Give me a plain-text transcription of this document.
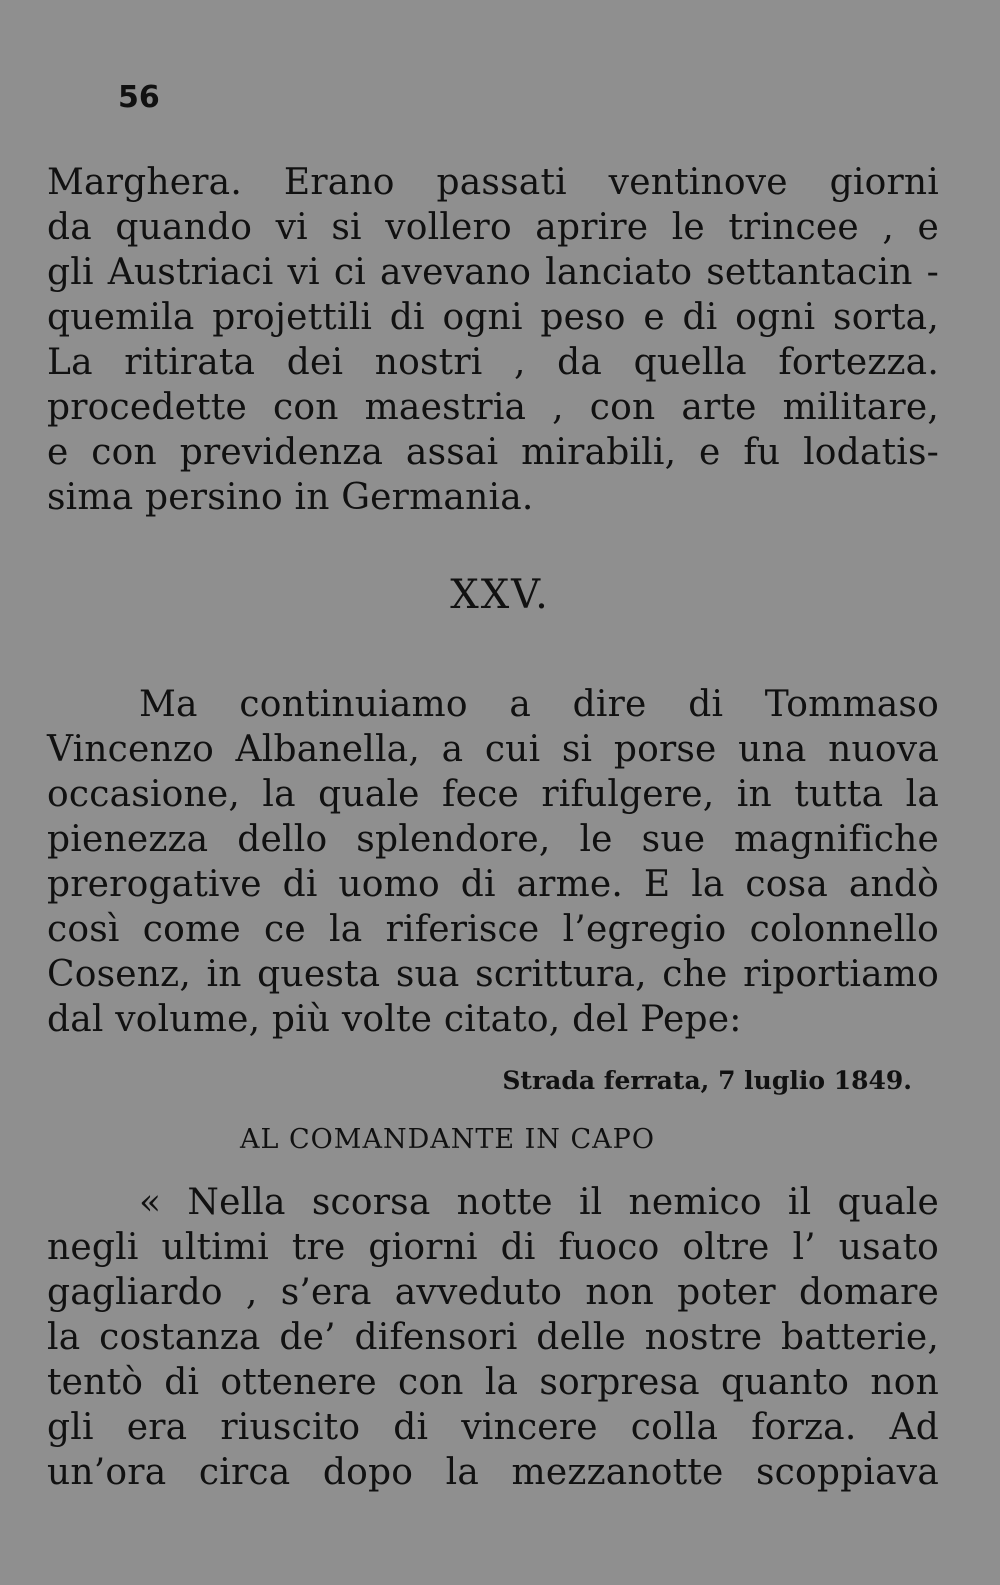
56
Marghera. Erano passati ventinove giorni
da quando vi si vollero aprire le trincee , e
gli Austriaci vi ci avevano lanciato settantacin -
quemila projettili di ogni peso e di ogni sorta,
La ritirata dei nostri , da quella fortezza.
procedette con maestria , con arte militare,
e con previdenza assai mirabili, e fu lodatis-
sima persino in Germania.
XXV.
Ma continuiamo a dire di Tommaso
Vincenzo Albanella, a cui si porse una nuova
occasione, la quale fece rifulgere, in tutta la
pienezza dello splendore, le sue magnifiche
prerogative di uomo di arme. E la cosa andò
così come ce la riferisce l’egregio colonnello
Cosenz, in questa sua scrittura, che riportiamo
dal volume, più volte citato, del Pepe:
Strada ferrata, 7 luglio 1849.
AL COMANDANTE IN CAPO
« Nella scorsa notte il nemico il quale
negli ultimi tre giorni di fuoco oltre l’ usato
gagliardo , s’era avveduto non poter domare
la costanza de’ difensori delle nostre batterie,
tentò di ottenere con la sorpresa quanto non
gli era riuscito di vincere colla forza. Ad
un’ora circa dopo la mezzanotte scoppiava
